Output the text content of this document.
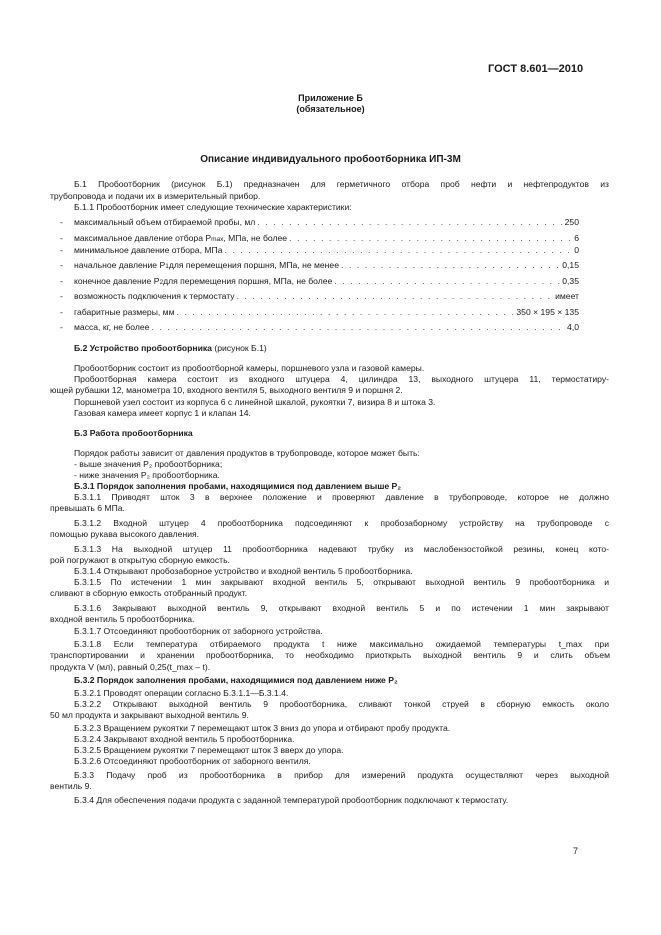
ГОСТ 8.601—2010
Приложение Б
(обязательное)
Описание индивидуального пробоотборника ИП-3М
Б.1 Пробоотборник (рисунок Б.1) предназначен для герметичного отбора проб нефти и нефтепродуктов из
трубопровода и подачи их в измерительный прибор.
Б.1.1 Пробоотборник имеет следующие технические характеристики:
-	максимальный объем отбираемой пробы, мл . . .	250
-	максимальное давление отбора P max , МПа, не более . . .	6
-	минимальное давление отбора, МПа . . .	0
-	начальное давление P 1 для перемещения поршня, МПа, не менее . . .	0,15
-	конечное давление P 2 для перемещения поршня, МПа, не более . . .	0,35
-	возможность подключения к термостату . . .	имеет
-	габаритные размеры, мм . . .	350 × 195 × 135
-	масса, кг, не более . . .	4,0
Б.2 Устройство пробоотборника (рисунок Б.1)
Пробоотборник состоит из пробоотборной камеры, поршневого узла и газовой камеры.
Пробоотборная камера состоит из входного штуцера 4, цилиндра 13, выходного штуцера 11, термостатиру-
ющей рубашки 12, манометра 10, входного вентиля 5, выходного вентиля 9 и поршня 2.
Поршневой узел состоит из корпуса 6 с линейной шкалой, рукоятки 7, визира 8 и штока 3.
Газовая камера имеет корпус 1 и клапан 14.
Б.3 Работа пробоотборника
Порядок работы зависит от давления продуктов в трубопроводе, которое может быть:
- выше значения P₂ пробоотборника;
- ниже значения P₂ пробоотборника.
Б.3.1 Порядок заполнения пробами, находящимися под давлением выше P₂
Б.3.1.1 Приводят шток 3 в верхнее положение и проверяют давление в трубопроводе, которое не должно
превышать 6 МПа.
Б.3.1.2 Входной штуцер 4 пробоотборника подсоединяют к пробозаборному устройству на трубопроводе с
помощью рукава высокого давления.
Б.3.1.3 На выходной штуцер 11 пробоотборника надевают трубку из маслобензостойкой резины, конец кото-
рой погружают в открытую сборную емкость.
Б.3.1.4 Открывают пробозаборное устройство и входной вентиль 5 пробоотборника.
Б.3.1.5 По истечении 1 мин закрывают входной вентиль 5, открывают выходной вентиль 9 пробоотборника и
сливают в сборную емкость отобранный продукт.
Б.3.1.6 Закрывают выходной вентиль 9, открывают входной вентиль 5 и по истечении 1 мин закрывают
входной вентиль 5 пробоотборника.
Б.3.1.7 Отсоединяют пробоотборник от заборного устройства.
Б.3.1.8 Если температура отбираемого продукта t ниже максимально ожидаемой температуры t_max при
транспортировании и хранении пробоотборника, то необходимо приоткрыть выходной вентиль 9 и слить объем
продукта V (мл), равный 0,25(t_max – t).
Б.3.2 Порядок заполнения пробами, находящимися под давлением ниже P₂
Б.3.2.1 Проводят операции согласно Б.3.1.1—Б.3.1.4.
Б.3.2.2 Открывают выходной вентиль 9 пробоотборника, сливают тонкой струей в сборную емкость около
50 мл продукта и закрывают выходной вентиль 9.
Б.3.2.3 Вращением рукоятки 7 перемещают шток 3 вниз до упора и отбирают пробу продукта.
Б.3.2.4 Закрывают входной вентиль 5 пробоотборника.
Б.3.2.5 Вращением рукоятки 7 перемещают шток 3 вверх до упора.
Б.3.2.6 Отсоединяют пробоотборник от заборного вентиля.
Б.3.3 Подачу проб из пробоотборника в прибор для измерений продукта осуществляют через выходной
вентиль 9.
Б.3.4 Для обеспечения подачи продукта с заданной температурой пробоотборник подключают к термостату.
7
